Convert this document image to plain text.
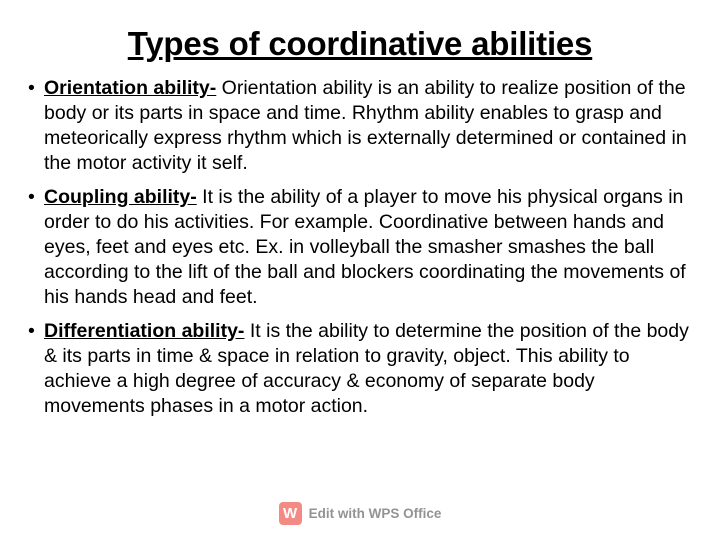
Types of coordinative abilities
• Orientation ability- Orientation ability is an ability to realize position of the body or its parts in space and time. Rhythm ability enables to grasp and meteorically express rhythm which is externally determined or contained in the motor activity it self.
• Coupling ability- It is the ability of a player to move his physical organs in order to do his activities. For example. Coordinative between hands and eyes, feet and eyes etc. Ex. in volleyball the smasher smashes the ball according to the lift of the ball and blockers coordinating the movements of his hands head and feet.
• Differentiation ability- It is the ability to determine the position of the body & its parts in time & space in relation to gravity, object. This ability to achieve a high degree of accuracy & economy of separate body movements phases in a motor action.
W Edit with WPS Office
